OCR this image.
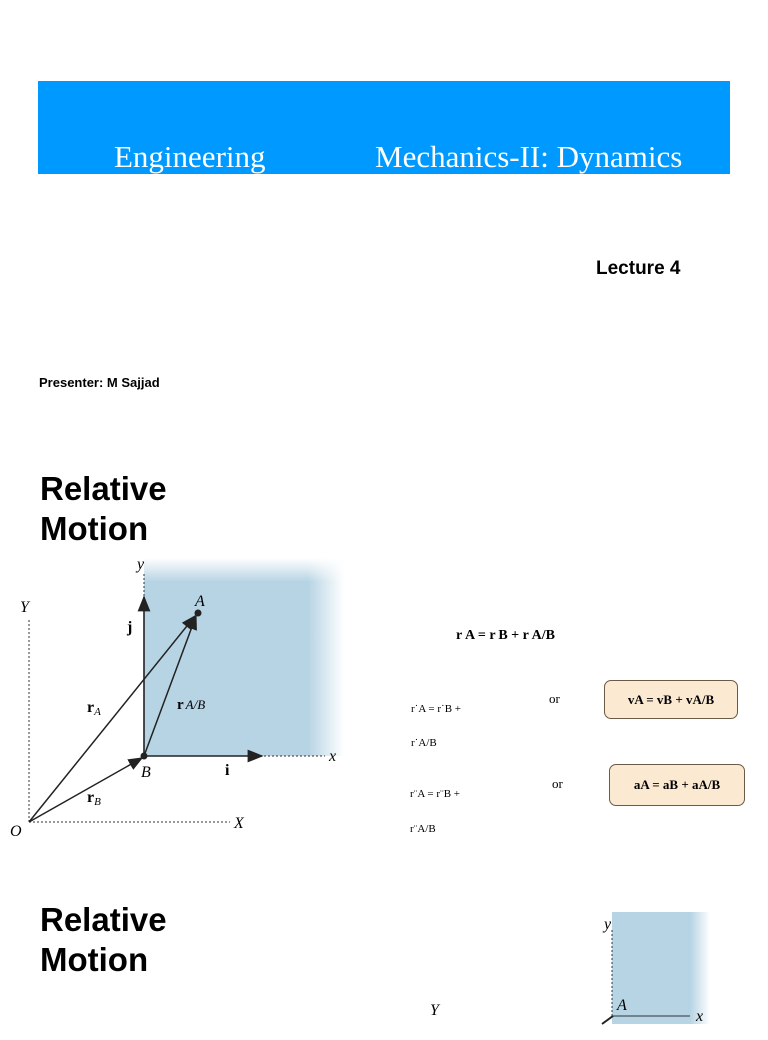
Engineering	Mechanics-II: Dynamics
Lecture 4
Presenter: M Sajjad
Relative
Motion
X
Y
O
x
y
A
B	i
j
rA
rB
r A/B
r A = r B + r A/B
r˙A = r˙B +
r˙A/B
or	vA = vB + vA/B
r¨A = r¨B +
r¨A/B
or	aA = aB + aA/B
Relative
Motion
y
x
A
Y
